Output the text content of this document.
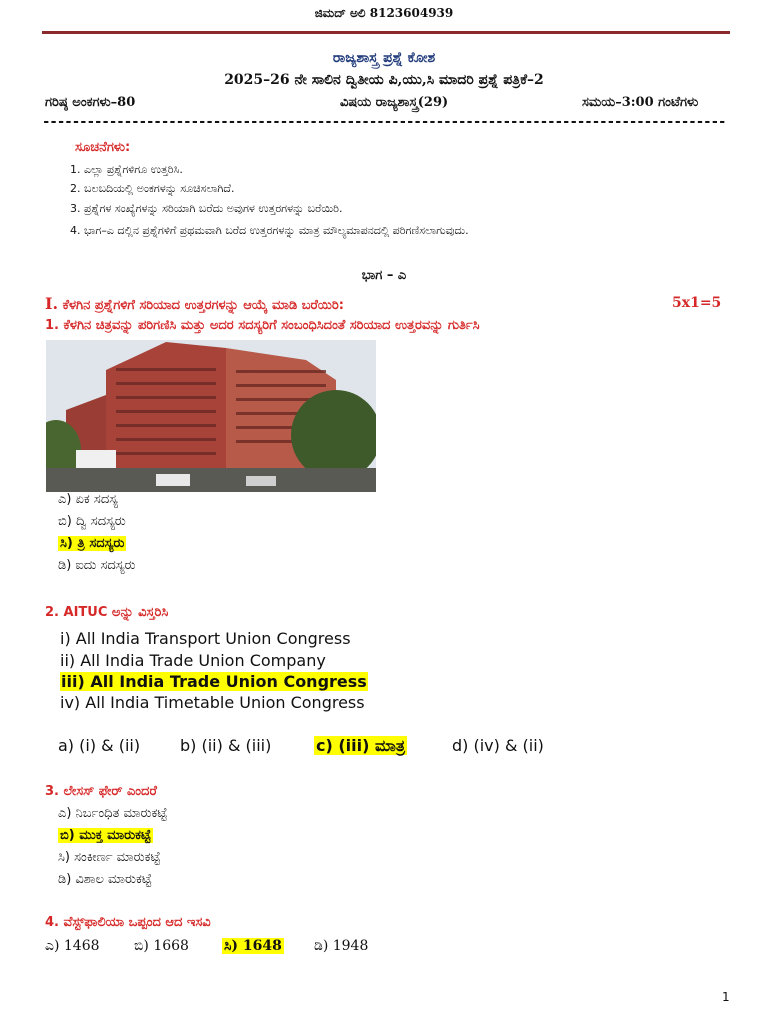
ಜಿಮದ್ ಅಲಿ 8123604939
ರಾಜ್ಯಶಾಸ್ತ್ರ ಪ್ರಶ್ನೆ ಕೋಶ
2025–26 ನೇ ಸಾಲಿನ ದ್ವಿತೀಯ ಪಿ,ಯು,ಸಿ ಮಾದರಿ ಪ್ರಶ್ನೆ ಪತ್ರಿಕೆ–2
ಗರಿಷ್ಠ ಅಂಕಗಳು–80	ವಿಷಯ ರಾಜ್ಯಶಾಸ್ತ್ರ(29)	ಸಮಯ–3:00 ಗಂಟೆಗಳು
--------------------------------------------------------------------------------------------
ಸೂಚನೆಗಳು:
1. ಎಲ್ಲಾ ಪ್ರಶ್ನೆಗಳಿಗೂ ಉತ್ತರಿಸಿ.
2. ಬಲಬದಿಯಲ್ಲಿ ಅಂಕಗಳನ್ನು ಸೂಚಿಸಲಾಗಿದೆ.
3. ಪ್ರಶ್ನೆಗಳ ಸಂಖ್ಯೆಗಳನ್ನು ಸರಿಯಾಗಿ ಬರೆದು ಅವುಗಳ ಉತ್ತರಗಳನ್ನು ಬರೆಯಿರಿ.
4. ಭಾಗ–ಎ ದಲ್ಲಿನ ಪ್ರಶ್ನೆಗಳಿಗೆ ಪ್ರಥಮವಾಗಿ ಬರೆದ ಉತ್ತರಗಳನ್ನು ಮಾತ್ರ ಮೌಲ್ಯಮಾಪನದಲ್ಲಿ ಪರಿಗಣಿಸಲಾಗುವುದು.
ಭಾಗ – ಎ
I. ಕೆಳಗಿನ ಪ್ರಶ್ನೆಗಳಿಗೆ ಸರಿಯಾದ ಉತ್ತರಗಳನ್ನು ಆಯ್ಕೆ ಮಾಡಿ ಬರೆಯಿರಿ:	5x1=5
1. ಕೆಳಗಿನ ಚಿತ್ರವನ್ನು ಪರಿಗಣಿಸಿ ಮತ್ತು ಅದರ ಸದಸ್ಯರಿಗೆ ಸಂಬಂಧಿಸಿದಂತೆ ಸರಿಯಾದ ಉತ್ತರವನ್ನು ಗುರ್ತಿಸಿ
ಎ) ಏಕ ಸದಸ್ಯ
ಬಿ) ದ್ವಿ ಸದಸ್ಯರು
ಸಿ) ತ್ರಿ ಸದಸ್ಯರು
ಡಿ) ಐದು ಸದಸ್ಯರು
2. AITUC ಅನ್ನು ವಿಸ್ತರಿಸಿ
i) All India Transport Union Congress
ii) All India Trade Union Company
iii) All India Trade Union Congress
iv) All India Timetable Union Congress
a) (i) & (ii) b) (ii) & (iii)	c) (iii) ಮಾತ್ರ	d) (iv) & (ii)
3. ಲೇಸಸ್ ಫೇರ್ ಎಂದರೆ
ಎ) ನಿರ್ಬಂಧಿತ ಮಾರುಕಟ್ಟೆ
ಬಿ) ಮುಕ್ತ ಮಾರುಕಟ್ಟೆ
ಸಿ) ಸಂಕೀರ್ಣ ಮಾರುಕಟ್ಟೆ
ಡಿ) ವಿಶಾಲ ಮಾರುಕಟ್ಟೆ
4. ವೆಸ್ಟ್‌ಫಾಲಿಯಾ ಒಪ್ಪಂದ ಆದ ಇಸವಿ
ಎ) 1468 ಬಿ) 1668	ಸಿ) 1648 ಡಿ) 1948
1
